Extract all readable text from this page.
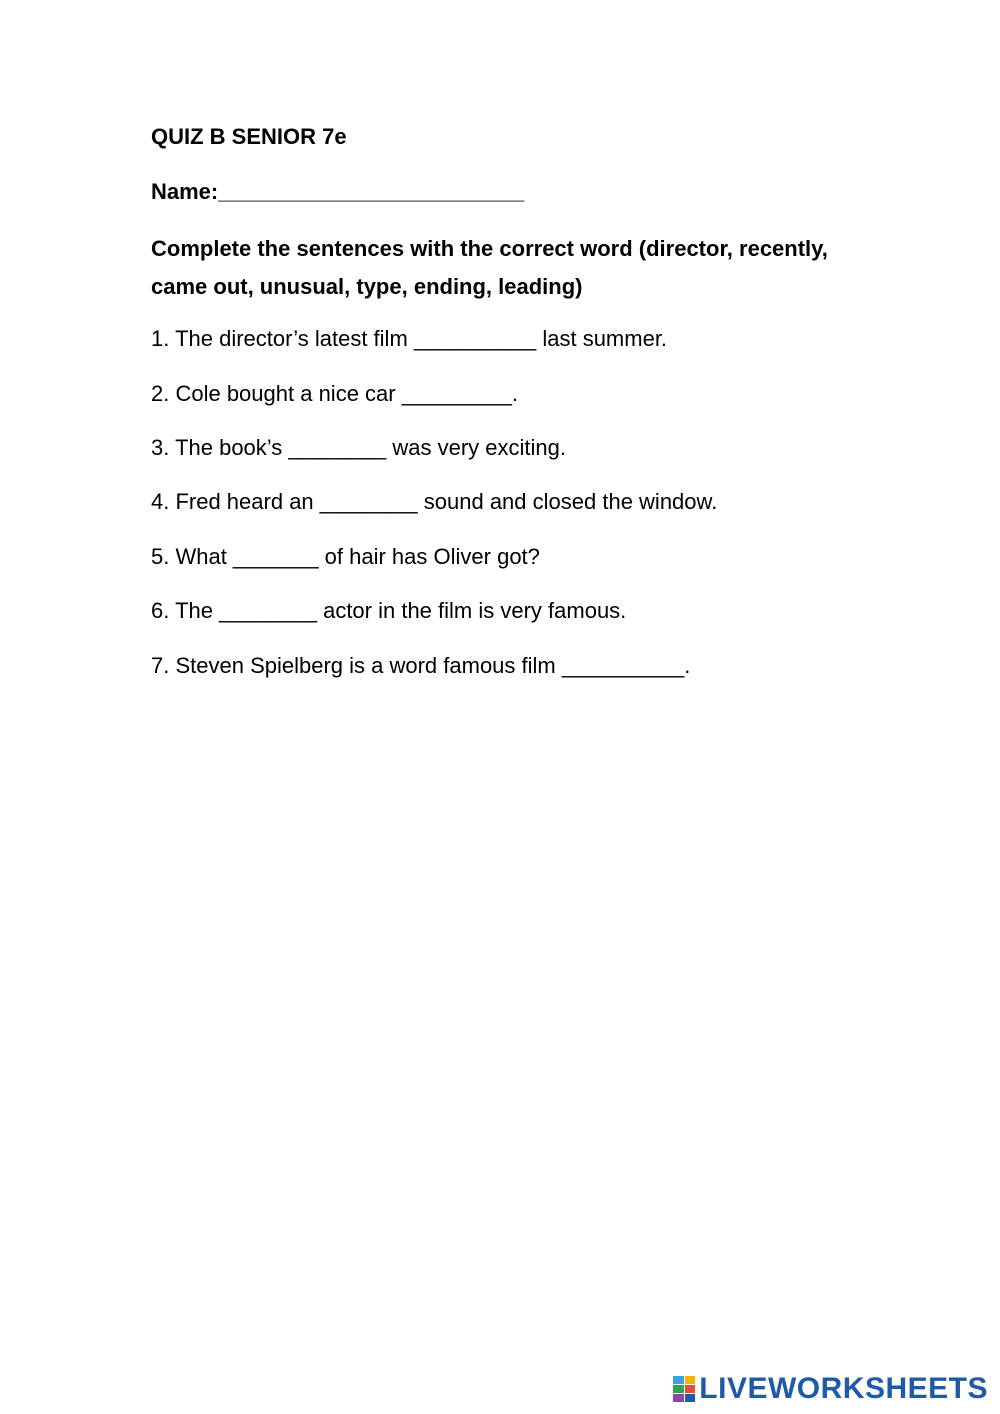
QUIZ B SENIOR 7e
Name:_________________________
Complete the sentences with the correct word (director, recently, came out, unusual, type, ending, leading)
1. The director’s latest film __________ last summer.
2. Cole bought a nice car _________.
3. The book’s ________ was very exciting.
4. Fred heard an ________ sound and closed the window.
5. What _______ of hair has Oliver got?
6. The ________ actor in the film is very famous.
7. Steven Spielberg is a word famous film __________.
LIVEWORKSHEETS
